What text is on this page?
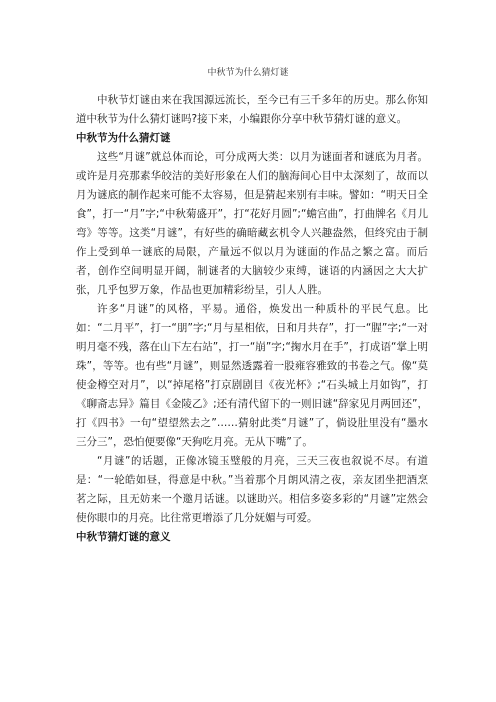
中秋节为什么猜灯谜

中秋节灯谜由来在我国源远流长，至今已有三千多年的历史。那么你知道中秋节为什么猜灯谜吗?接下来，小编跟你分享中秋节猜灯谜的意义。

中秋节为什么猜灯谜

这些“月谜”就总体而论，可分成两大类：以月为谜面者和谜底为月者。或许是月亮那素华皎洁的美好形象在人们的脑海间心目中太深刻了，故而以月为谜底的制作起来可能不太容易，但是猜起来别有丰味。譬如：“明天日全食”，打一“月”字;“中秋菊盛开”，打“花好月圆”;“蟾宫曲”，打曲牌名《月儿弯》等等。这类“月谜”，有好些的确暗藏玄机令人兴趣盎然，但终究由于制作上受到单一谜底的局限，产量远不似以月为谜面的作品之繁之富。而后者，创作空间明显开阔，制谜者的大脑较少束缚，谜语的内涵因之大大扩张，几乎包罗万象，作品也更加精彩纷呈，引人人胜。

许多“月谜”的风格，平易。通俗，焕发出一种质朴的平民气息。比如：“二月平”，打一“朋”字;“月与星相依，日和月共存”，打一“腥”字;“一对明月毫不残，落在山下左右站”，打一“崩”字;“掬水月在手”，打成语“掌上明珠”，等等。也有些“月谜”，则显然透露着一股雍容雅致的书卷之气。像“莫使金樽空对月”，以“掉尾格”打京剧剧目《夜光杯》;“石头城上月如钩”，打《聊斋志异》篇目《金陵乙》;还有清代留下的一则旧谜“辞家见月两回还”，打《四书》一句“望望然去之”……猜射此类“月谜”了，倘设肚里没有“墨水三分三”，恐怕便要像“天狗吃月亮。无从下嘴”了。

“月谜”的话题，正像冰镜玉璧般的月亮，三天三夜也叙说不尽。有道是：“一轮皓如昼，得意是中秋。”当着那个月朗风清之夜，亲友团坐把酒烹茗之际，且无妨来一个邀月话谜。以谜助兴。相信多姿多彩的“月谜”定然会使你眼巾的月亮。比往常更增添了几分妩媚与可爱。

中秋节猜灯谜的意义
